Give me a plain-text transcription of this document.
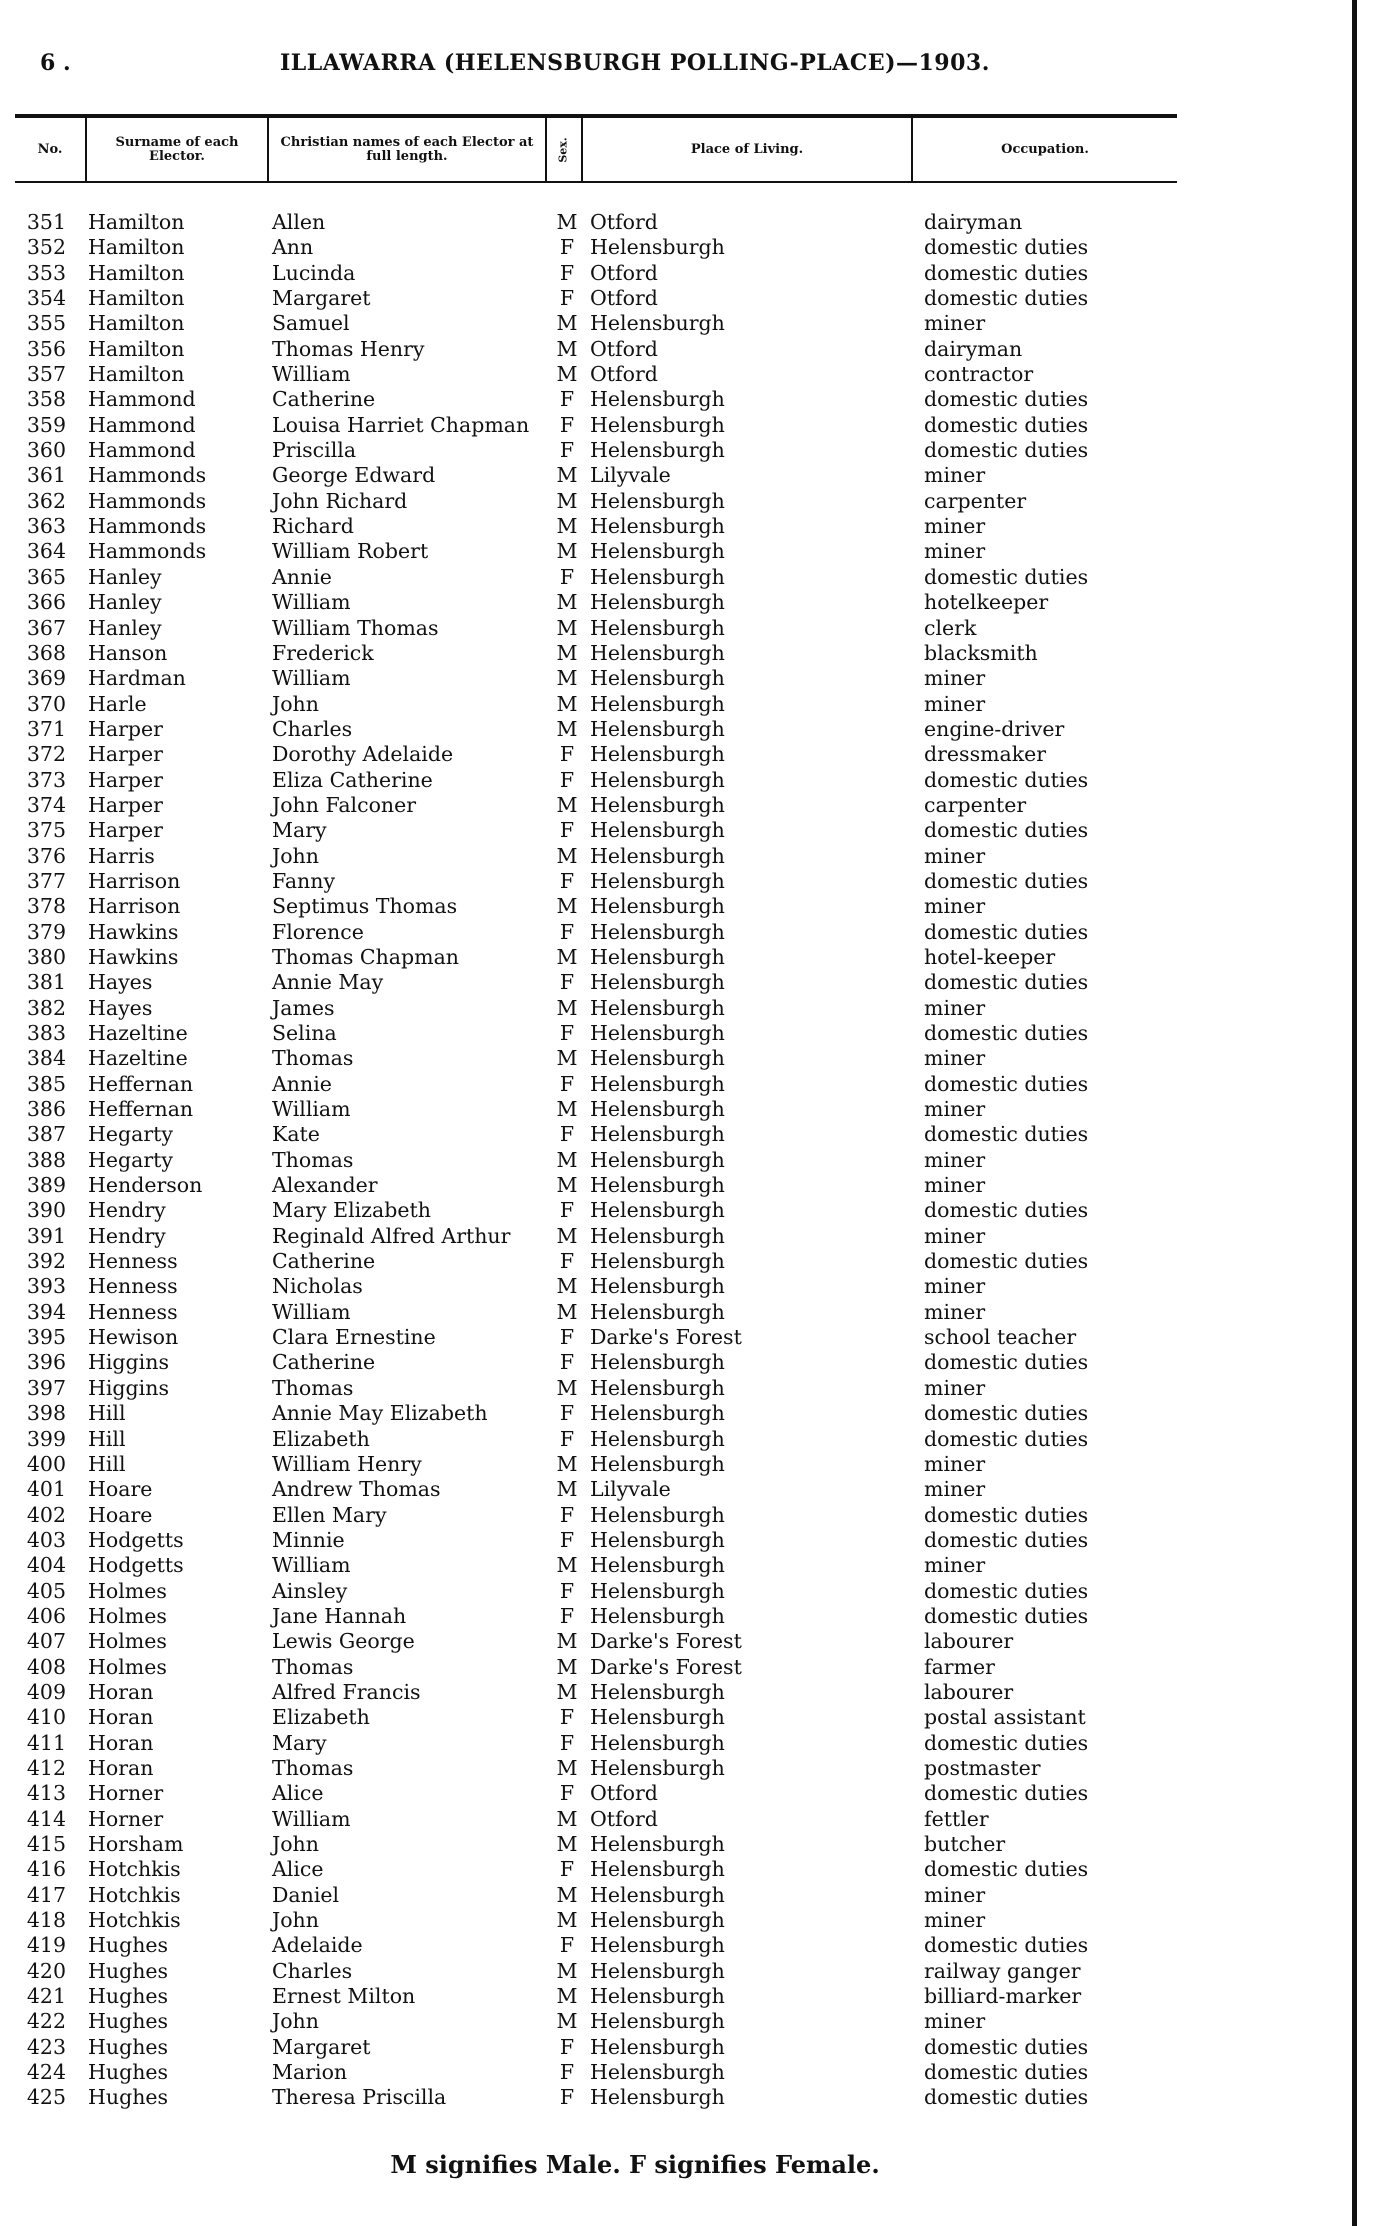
6 .	ILLAWARRA (HELENSBURGH POLLING-PLACE)—1903.
No.	Surname of each Elector.
Christian names of each Elector at full length.	Sex.	Place of Living.	Occupation.
351 Hamilton	Allen	M Otford	dairyman
352 Hamilton	Ann	F Helensburgh	domestic duties
353 Hamilton	Lucinda	F Otford	domestic duties
354 Hamilton	Margaret	F Otford	domestic duties
355 Hamilton	Samuel	M Helensburgh	miner
356 Hamilton	Thomas Henry	M Otford	dairyman
357 Hamilton	William	M Otford	contractor
358 Hammond	Catherine	F Helensburgh	domestic duties
359 Hammond	Louisa Harriet Chapman F Helensburgh	domestic duties
360 Hammond	Priscilla	F Helensburgh	domestic duties
361 Hammonds	George Edward	M Lilyvale	miner
362 Hammonds	John Richard	M Helensburgh	carpenter
363 Hammonds	Richard	M Helensburgh	miner
364 Hammonds	William Robert	M Helensburgh	miner
365 Hanley	Annie	F Helensburgh	domestic duties
366 Hanley	William	M Helensburgh	hotelkeeper
367 Hanley	William Thomas	M Helensburgh	clerk
368 Hanson	Frederick	M Helensburgh	blacksmith
369 Hardman	William	M Helensburgh	miner
370 Harle	John	M Helensburgh	miner
371 Harper	Charles	M Helensburgh	engine-driver
372 Harper	Dorothy Adelaide	F Helensburgh	dressmaker
373 Harper	Eliza Catherine	F Helensburgh	domestic duties
374 Harper	John Falconer	M Helensburgh	carpenter
375 Harper	Mary	F Helensburgh	domestic duties
376 Harris	John	M Helensburgh	miner
377 Harrison	Fanny	F Helensburgh	domestic duties
378 Harrison	Septimus Thomas	M Helensburgh	miner
379 Hawkins	Florence	F Helensburgh	domestic duties
380 Hawkins	Thomas Chapman	M Helensburgh	hotel-keeper
381 Hayes	Annie May	F Helensburgh	domestic duties
382 Hayes	James	M Helensburgh	miner
383 Hazeltine	Selina	F Helensburgh	domestic duties
384 Hazeltine	Thomas	M Helensburgh	miner
385 Heffernan	Annie	F Helensburgh	domestic duties
386 Heffernan	William	M Helensburgh	miner
387 Hegarty	Kate	F Helensburgh	domestic duties
388 Hegarty	Thomas	M Helensburgh	miner
389 Henderson	Alexander	M Helensburgh	miner
390 Hendry	Mary Elizabeth	F Helensburgh	domestic duties
391 Hendry	Reginald Alfred Arthur M Helensburgh	miner
392 Henness	Catherine	F Helensburgh	domestic duties
393 Henness	Nicholas	M Helensburgh	miner
394 Henness	William	M Helensburgh	miner
395 Hewison	Clara Ernestine	F Darke's Forest	school teacher
396 Higgins	Catherine	F Helensburgh	domestic duties
397 Higgins	Thomas	M Helensburgh	miner
398 Hill	Annie May Elizabeth	F Helensburgh	domestic duties
399 Hill	Elizabeth	F Helensburgh	domestic duties
400 Hill	William Henry	M Helensburgh	miner
401 Hoare	Andrew Thomas	M Lilyvale	miner
402 Hoare	Ellen Mary	F Helensburgh	domestic duties
403 Hodgetts	Minnie	F Helensburgh	domestic duties
404 Hodgetts	William	M Helensburgh	miner
405 Holmes	Ainsley	F Helensburgh	domestic duties
406 Holmes	Jane Hannah	F Helensburgh	domestic duties
407 Holmes	Lewis George	M Darke's Forest	labourer
408 Holmes	Thomas	M Darke's Forest	farmer
409 Horan	Alfred Francis	M Helensburgh	labourer
410 Horan	Elizabeth	F Helensburgh	postal assistant
411 Horan	Mary	F Helensburgh	domestic duties
412 Horan	Thomas	M Helensburgh	postmaster
413 Horner	Alice	F Otford	domestic duties
414 Horner	William	M Otford	fettler
415 Horsham	John	M Helensburgh	butcher
416 Hotchkis	Alice	F Helensburgh	domestic duties
417 Hotchkis	Daniel	M Helensburgh	miner
418 Hotchkis	John	M Helensburgh	miner
419 Hughes	Adelaide	F Helensburgh	domestic duties
420 Hughes	Charles	M Helensburgh	railway ganger
421 Hughes	Ernest Milton	M Helensburgh	billiard-marker
422 Hughes	John	M Helensburgh	miner
423 Hughes	Margaret	F Helensburgh	domestic duties
424 Hughes	Marion	F Helensburgh	domestic duties
425 Hughes	Theresa Priscilla	F Helensburgh	domestic duties
M signifies Male. F signifies Female.
